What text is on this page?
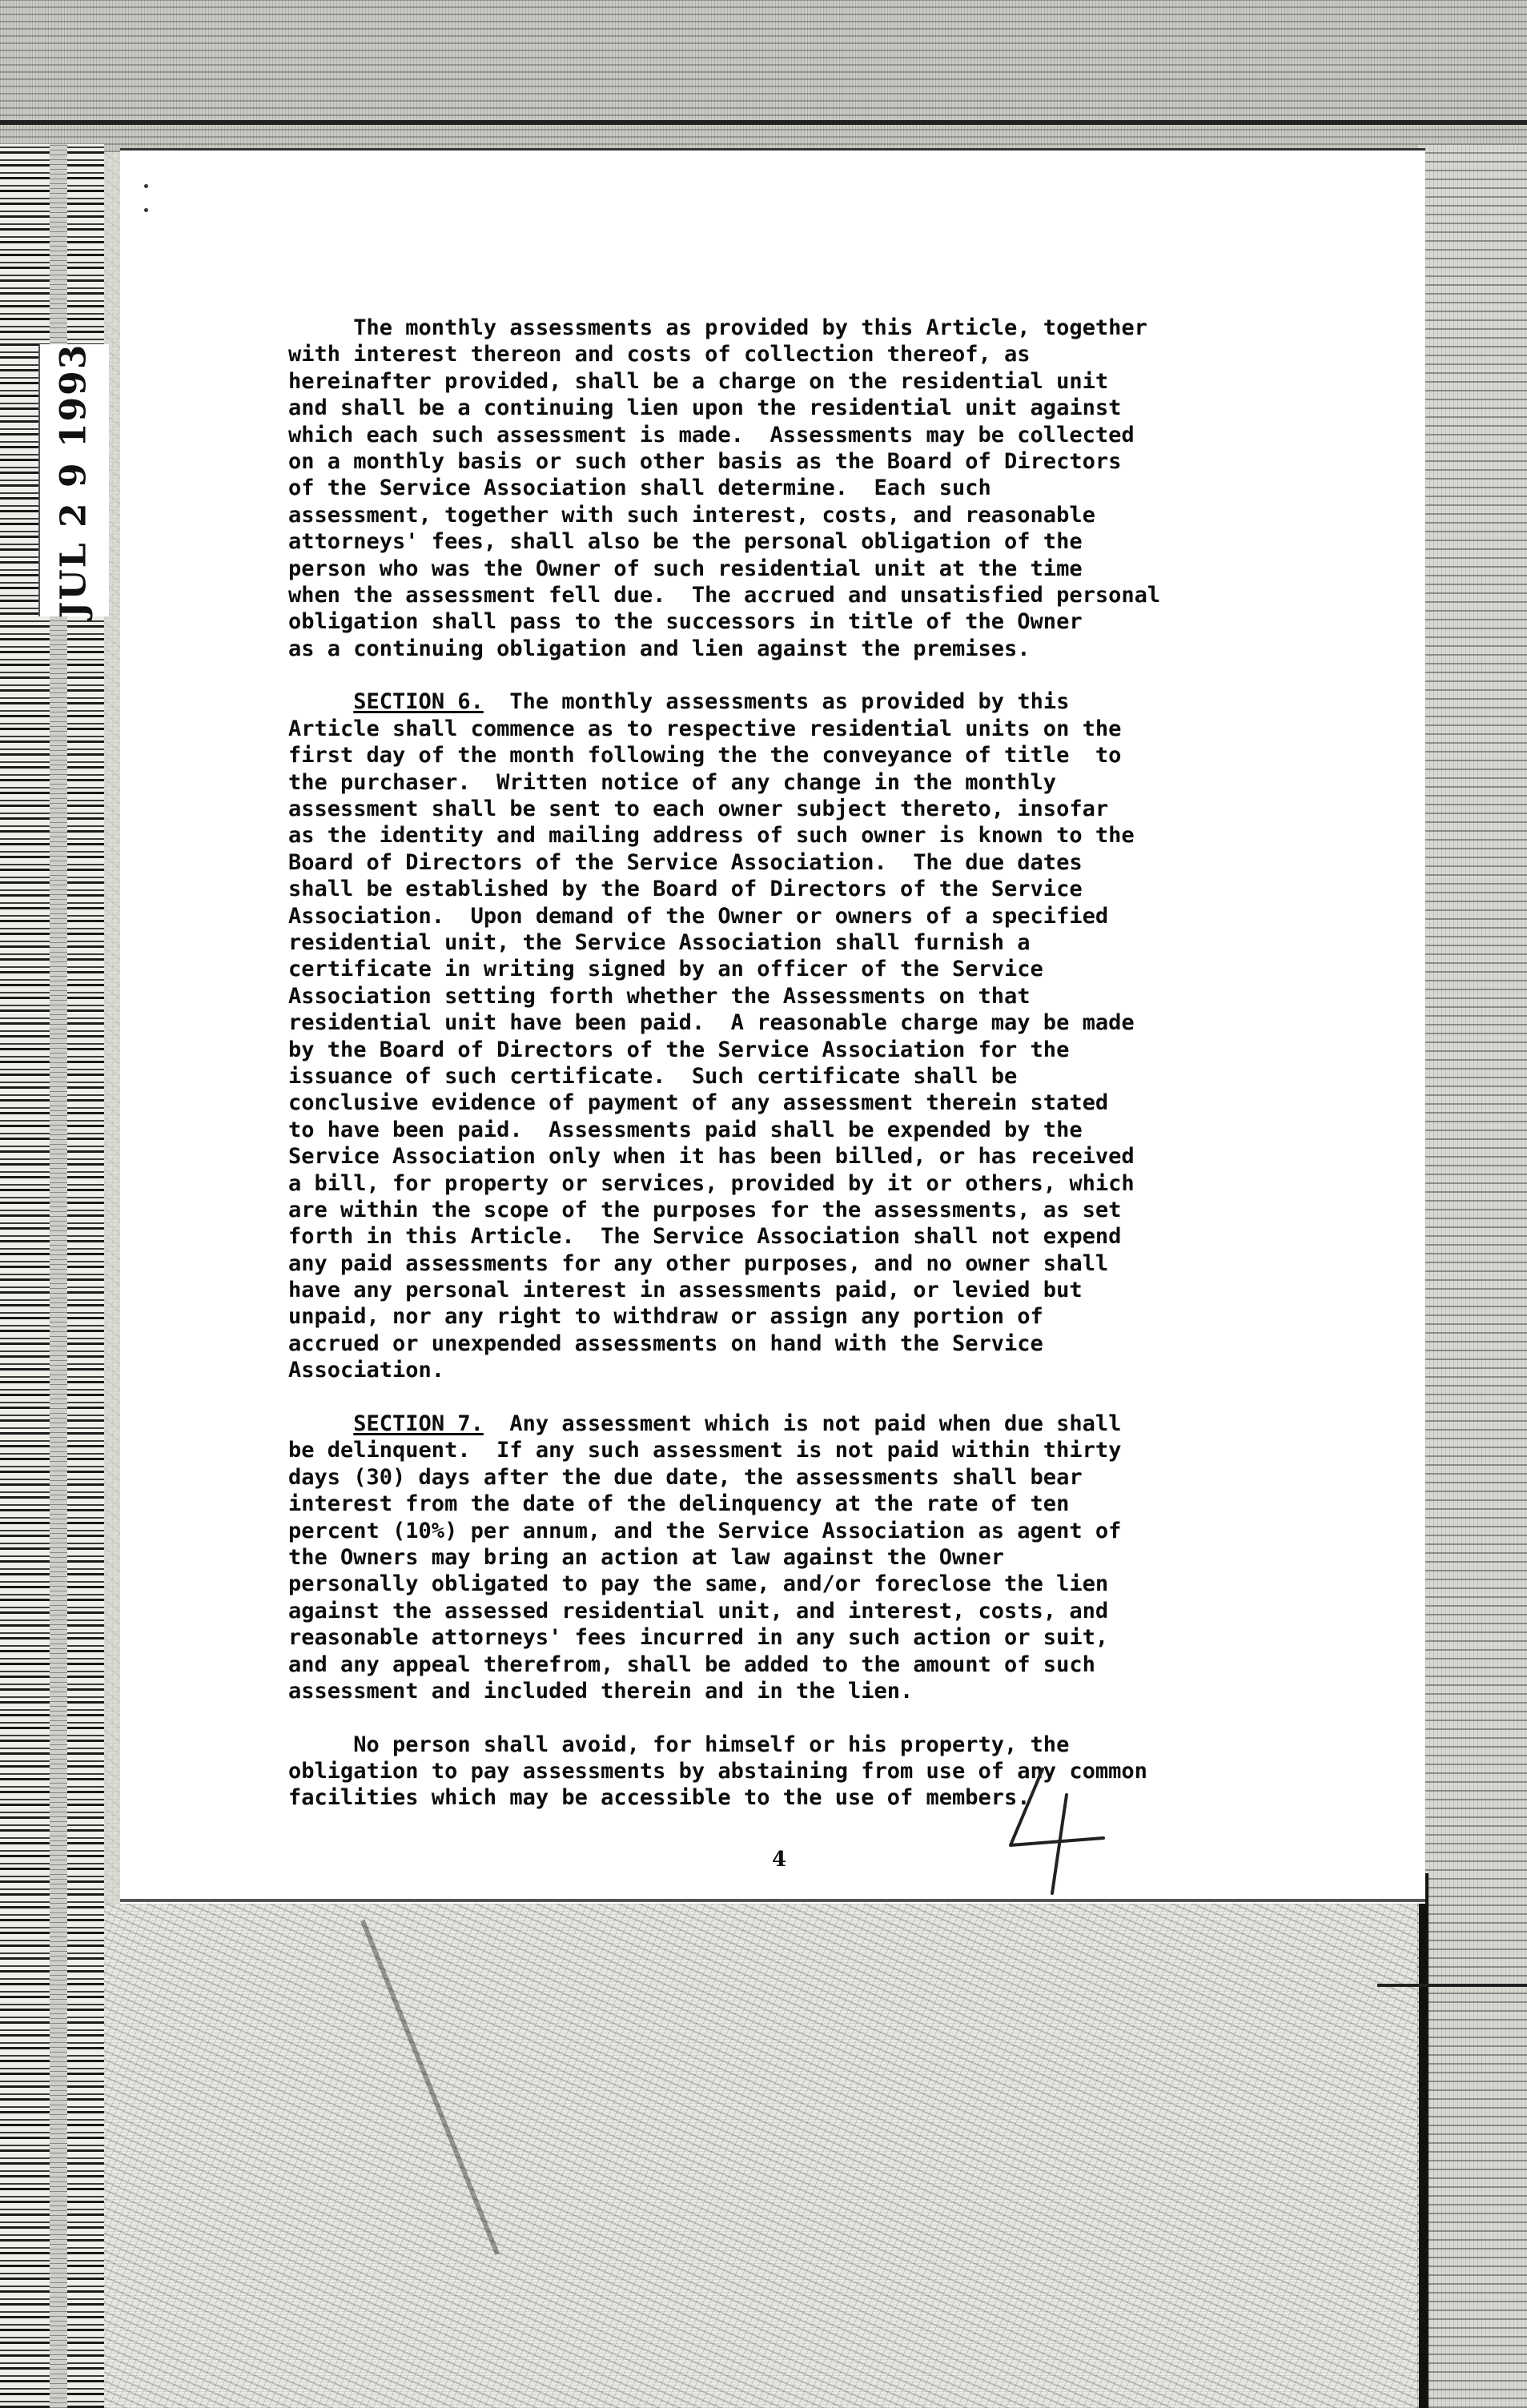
JUL 2 9 1993
The monthly assessments as provided by this Article, together
with interest thereon and costs of collection thereof, as
hereinafter provided, shall be a charge on the residential unit
and shall be a continuing lien upon the residential unit against
which each such assessment is made.  Assessments may be collected
on a monthly basis or such other basis as the Board of Directors
of the Service Association shall determine.  Each such
assessment, together with such interest, costs, and reasonable
attorneys' fees, shall also be the personal obligation of the
person who was the Owner of such residential unit at the time
when the assessment fell due.  The accrued and unsatisfied personal
obligation shall pass to the successors in title of the Owner
as a continuing obligation and lien against the premises.
SECTION 6.  The monthly assessments as provided by this
Article shall commence as to respective residential units on the
first day of the month following the the conveyance of title  to
the purchaser.  Written notice of any change in the monthly
assessment shall be sent to each owner subject thereto, insofar
as the identity and mailing address of such owner is known to the
Board of Directors of the Service Association.  The due dates
shall be established by the Board of Directors of the Service
Association.  Upon demand of the Owner or owners of a specified
residential unit, the Service Association shall furnish a
certificate in writing signed by an officer of the Service
Association setting forth whether the Assessments on that
residential unit have been paid.  A reasonable charge may be made
by the Board of Directors of the Service Association for the
issuance of such certificate.  Such certificate shall be
conclusive evidence of payment of any assessment therein stated
to have been paid.  Assessments paid shall be expended by the
Service Association only when it has been billed, or has received
a bill, for property or services, provided by it or others, which
are within the scope of the purposes for the assessments, as set
forth in this Article.  The Service Association shall not expend
any paid assessments for any other purposes, and no owner shall
have any personal interest in assessments paid, or levied but
unpaid, nor any right to withdraw or assign any portion of
accrued or unexpended assessments on hand with the Service
Association.
SECTION 7.  Any assessment which is not paid when due shall
be delinquent.  If any such assessment is not paid within thirty
days (30) days after the due date, the assessments shall bear
interest from the date of the delinquency at the rate of ten
percent (10%) per annum, and the Service Association as agent of
the Owners may bring an action at law against the Owner
personally obligated to pay the same, and/or foreclose the lien
against the assessed residential unit, and interest, costs, and
reasonable attorneys' fees incurred in any such action or suit,
and any appeal therefrom, shall be added to the amount of such
assessment and included therein and in the lien.
No person shall avoid, for himself or his property, the
obligation to pay assessments by abstaining from use of any common
facilities which may be accessible to the use of members.
4
